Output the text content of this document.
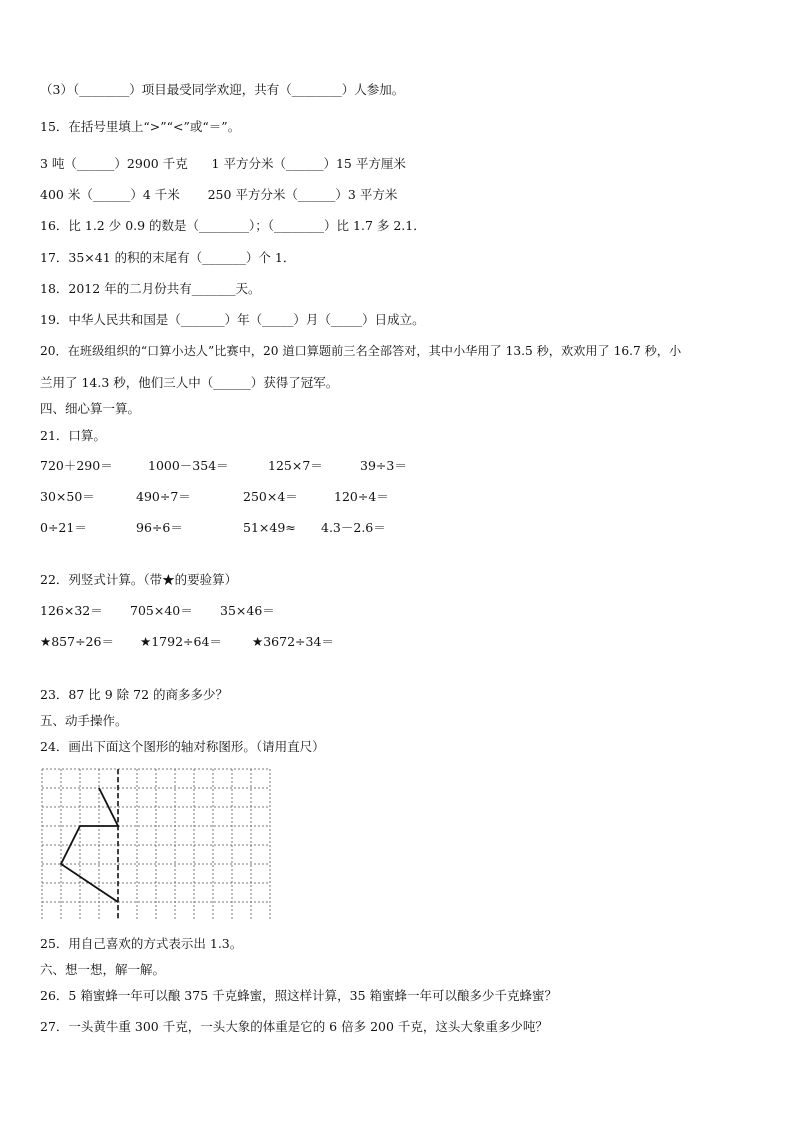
（3）（________）项目最受同学欢迎，共有（________）人参加。
15．在括号里填上“>”“<”或“＝”。
3 吨（______）2900 千克      1 平方分米（______）15 平方厘米
400 米（______）4 千米       250 平方分米（______）3 平方米
16．比 1.2 少 0.9 的数是（________）；（________）比 1.7 多 2.1．
17．35×41 的积的末尾有（_______）个 1．
18．2012 年的二月份共有_______天。
19．中华人民共和国是（_______）年（_____）月（_____）日成立。
20．在班级组织的“口算小达人”比赛中，20 道口算题前三名全部答对，其中小华用了 13.5 秒，欢欢用了 16.7 秒，小
兰用了 14.3 秒，他们三人中（______）获得了冠军。
四、细心算一算。
21．口算。
720＋290＝	1000－354＝	125×7＝	39÷3＝
30×50＝	490÷7＝	250×4＝	120÷4＝
0÷21＝	96÷6＝	51×49≈ 4.3－2.6＝
22．列竖式计算。（带★的要验算）
126×32＝ 705×40＝ 35×46＝
★857÷26＝ ★1792÷64＝ ★3672÷34＝
23．87 比 9 除 72 的商多多少？
五、动手操作。
24．画出下面这个图形的轴对称图形。（请用直尺）
25．用自己喜欢的方式表示出 1.3。
六、想一想，解一解。
26．5 箱蜜蜂一年可以酿 375 千克蜂蜜，照这样计算，35 箱蜜蜂一年可以酿多少千克蜂蜜？
27．一头黄牛重 300 千克，一头大象的体重是它的 6 倍多 200 千克，这头大象重多少吨？
